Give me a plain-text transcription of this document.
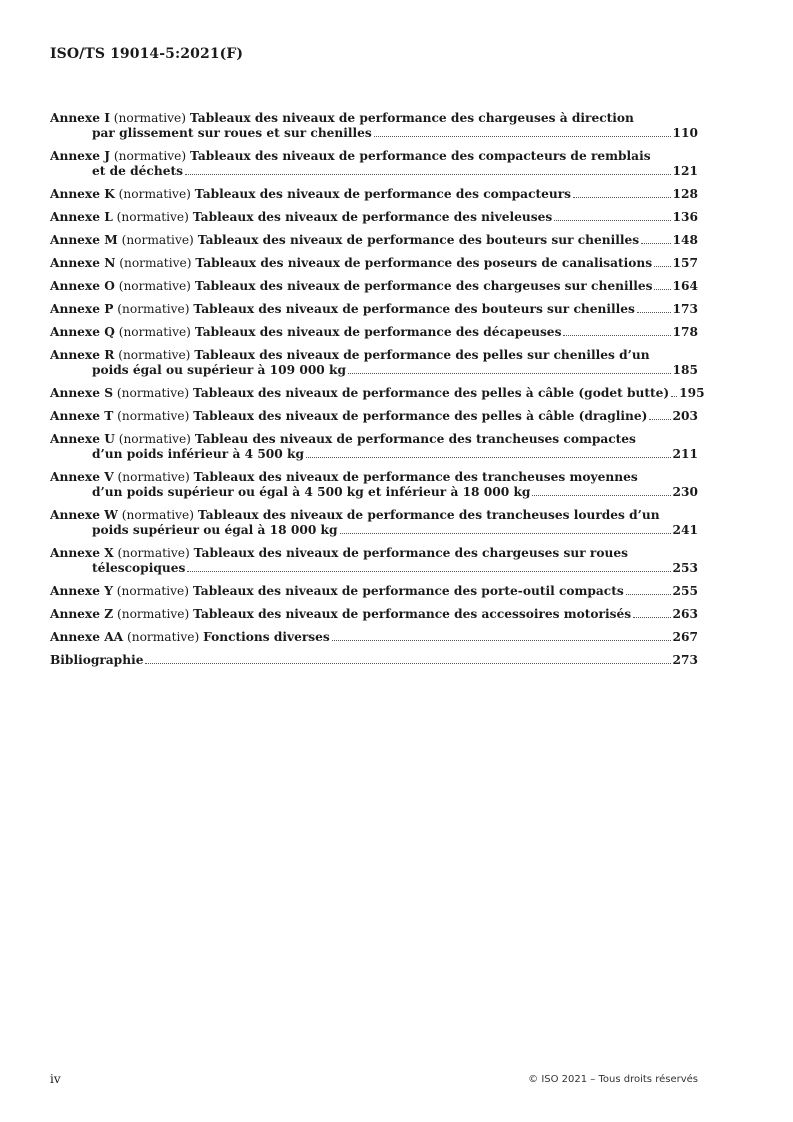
ISO/TS 19014-5:2021(F)
Annexe I (normative) Tableaux des niveaux de performance des chargeuses à direction
par glissement sur roues et sur chenilles	110
Annexe J (normative) Tableaux des niveaux de performance des compacteurs de remblais
et de déchets	121
Annexe K (normative) Tableaux des niveaux de performance des compacteurs	128
Annexe L (normative) Tableaux des niveaux de performance des niveleuses	136
Annexe M (normative) Tableaux des niveaux de performance des bouteurs sur chenilles	148
Annexe N (normative) Tableaux des niveaux de performance des poseurs de canalisations 157
Annexe O (normative) Tableaux des niveaux de performance des chargeuses sur chenilles 164
Annexe P (normative) Tableaux des niveaux de performance des bouteurs sur chenilles	173
Annexe Q (normative) Tableaux des niveaux de performance des décapeuses	178
Annexe R (normative) Tableaux des niveaux de performance des pelles sur chenilles d’un
poids égal ou supérieur à 109 000 kg	185
Annexe S (normative) Tableaux des niveaux de performance des pelles à câble (godet butte) 195
Annexe T (normative) Tableaux des niveaux de performance des pelles à câble (dragline) 203
Annexe U (normative) Tableau des niveaux de performance des trancheuses compactes
d’un poids inférieur à 4 500 kg	211
Annexe V (normative) Tableaux des niveaux de performance des trancheuses moyennes
d’un poids supérieur ou égal à 4 500 kg et inférieur à 18 000 kg	230
Annexe W (normative) Tableaux des niveaux de performance des trancheuses lourdes d’un
poids supérieur ou égal à 18 000 kg	241
Annexe X (normative) Tableaux des niveaux de performance des chargeuses sur roues
télescopiques	253
Annexe Y (normative) Tableaux des niveaux de performance des porte-outil compacts	255
Annexe Z (normative) Tableaux des niveaux de performance des accessoires motorisés	263
Annexe AA (normative) Fonctions diverses	267
Bibliographie	273
iv	© ISO 2021 – Tous droits réservés
